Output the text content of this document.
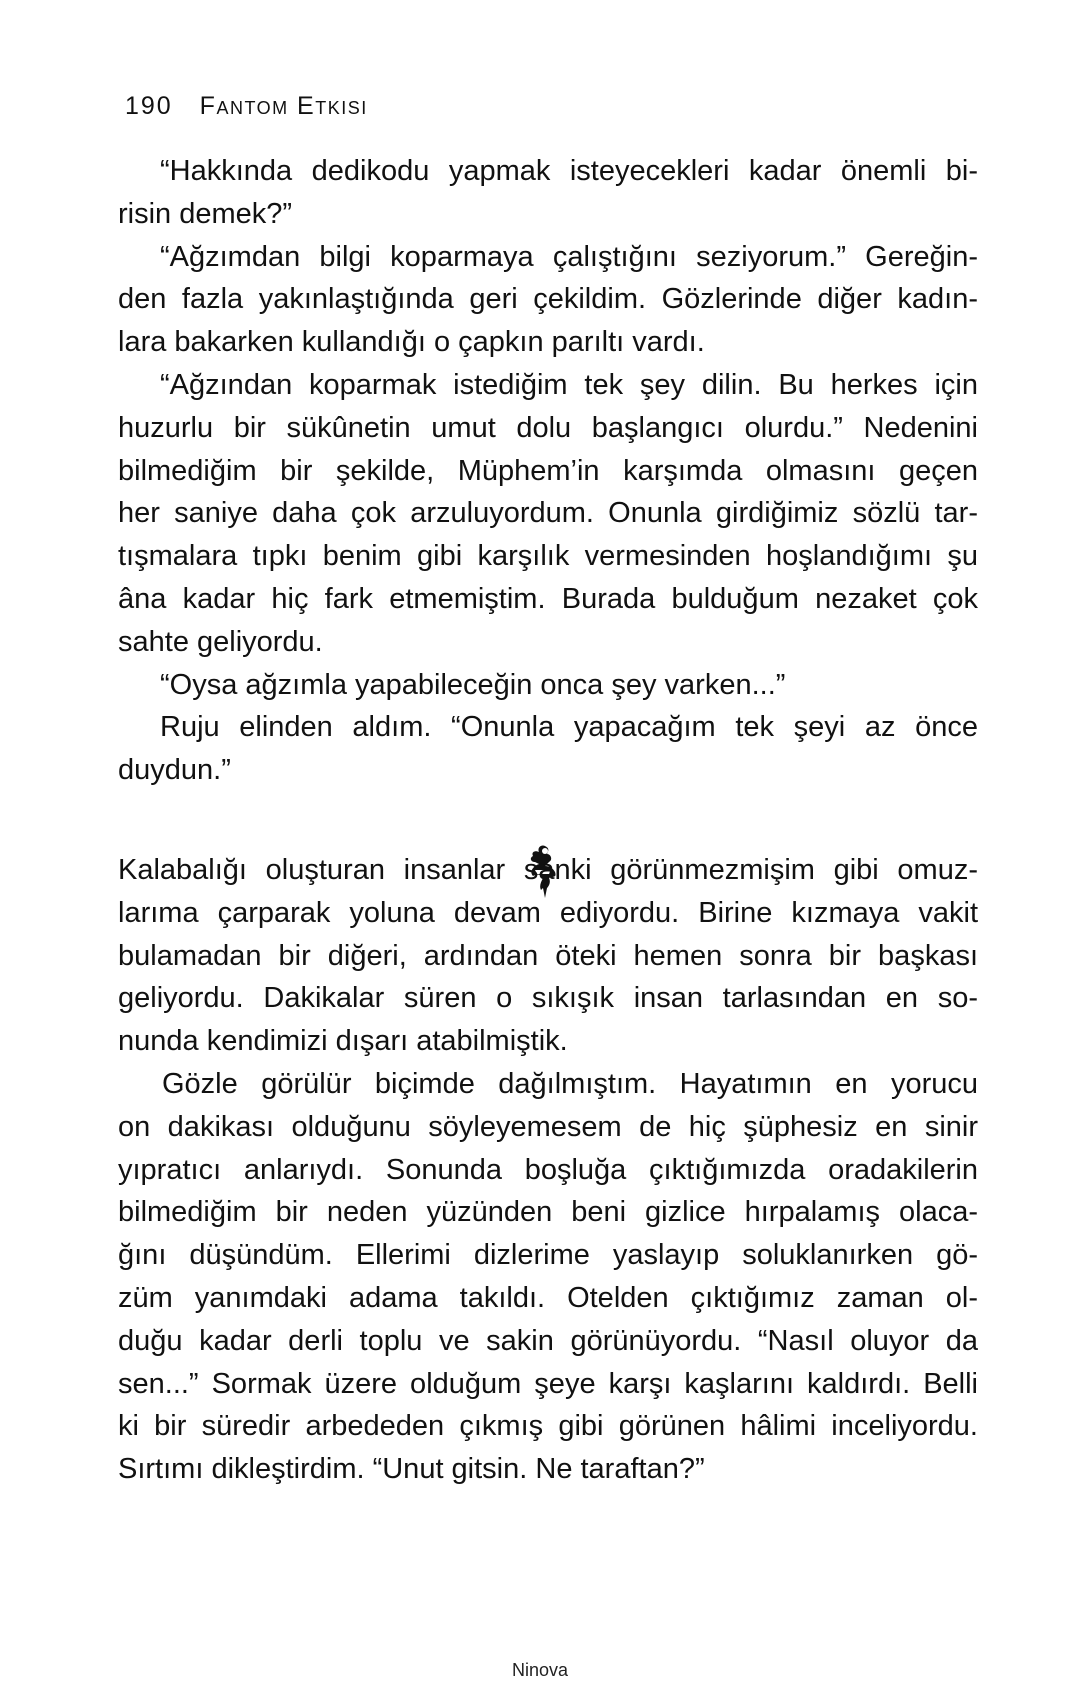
190 Fantom Etkisi
“Hakkında dedikodu yapmak isteyecekleri kadar önemli bi-
risin demek?”
“Ağzımdan bilgi koparmaya çalıştığını seziyorum.” Gereğin-
den fazla yakınlaştığında geri çekildim. Gözlerinde diğer kadın-
lara bakarken kullandığı o çapkın parıltı vardı.
“Ağzından koparmak istediğim tek şey dilin. Bu herkes için
huzurlu bir sükûnetin umut dolu başlangıcı olurdu.” Nedenini
bilmediğim bir şekilde, Müphem’in karşımda olmasını geçen
her saniye daha çok arzuluyordum. Onunla girdiğimiz sözlü tar-
tışmalara tıpkı benim gibi karşılık vermesinden hoşlandığımı şu
âna kadar hiç fark etmemiştim. Burada bulduğum nezaket çok
sahte geliyordu.
“Oysa ağzımla yapabileceğin onca şey varken...”
Ruju elinden aldım. “Onunla yapacağım tek şeyi az önce
duydun.”
Kalabalığı oluşturan insanlar sanki görünmezmişim gibi omuz-
larıma çarparak yoluna devam ediyordu. Birine kızmaya vakit
bulamadan bir diğeri, ardından öteki hemen sonra bir başkası
geliyordu. Dakikalar süren o sıkışık insan tarlasından en so-
nunda kendimizi dışarı atabilmiştik.
Gözle görülür biçimde dağılmıştım. Hayatımın en yorucu
on dakikası olduğunu söyleyemesem de hiç şüphesiz en sinir
yıpratıcı anlarıydı. Sonunda boşluğa çıktığımızda oradakilerin
bilmediğim bir neden yüzünden beni gizlice hırpalamış olaca-
ğını düşündüm. Ellerimi dizlerime yaslayıp soluklanırken gö-
züm yanımdaki adama takıldı. Otelden çıktığımız zaman ol-
duğu kadar derli toplu ve sakin görünüyordu. “Nasıl oluyor da
sen...” Sormak üzere olduğum şeye karşı kaşlarını kaldırdı. Belli
ki bir süredir arbededen çıkmış gibi görünen hâlimi inceliyordu.
Sırtımı dikleştirdim. “Unut gitsin. Ne taraftan?”
Ninova
